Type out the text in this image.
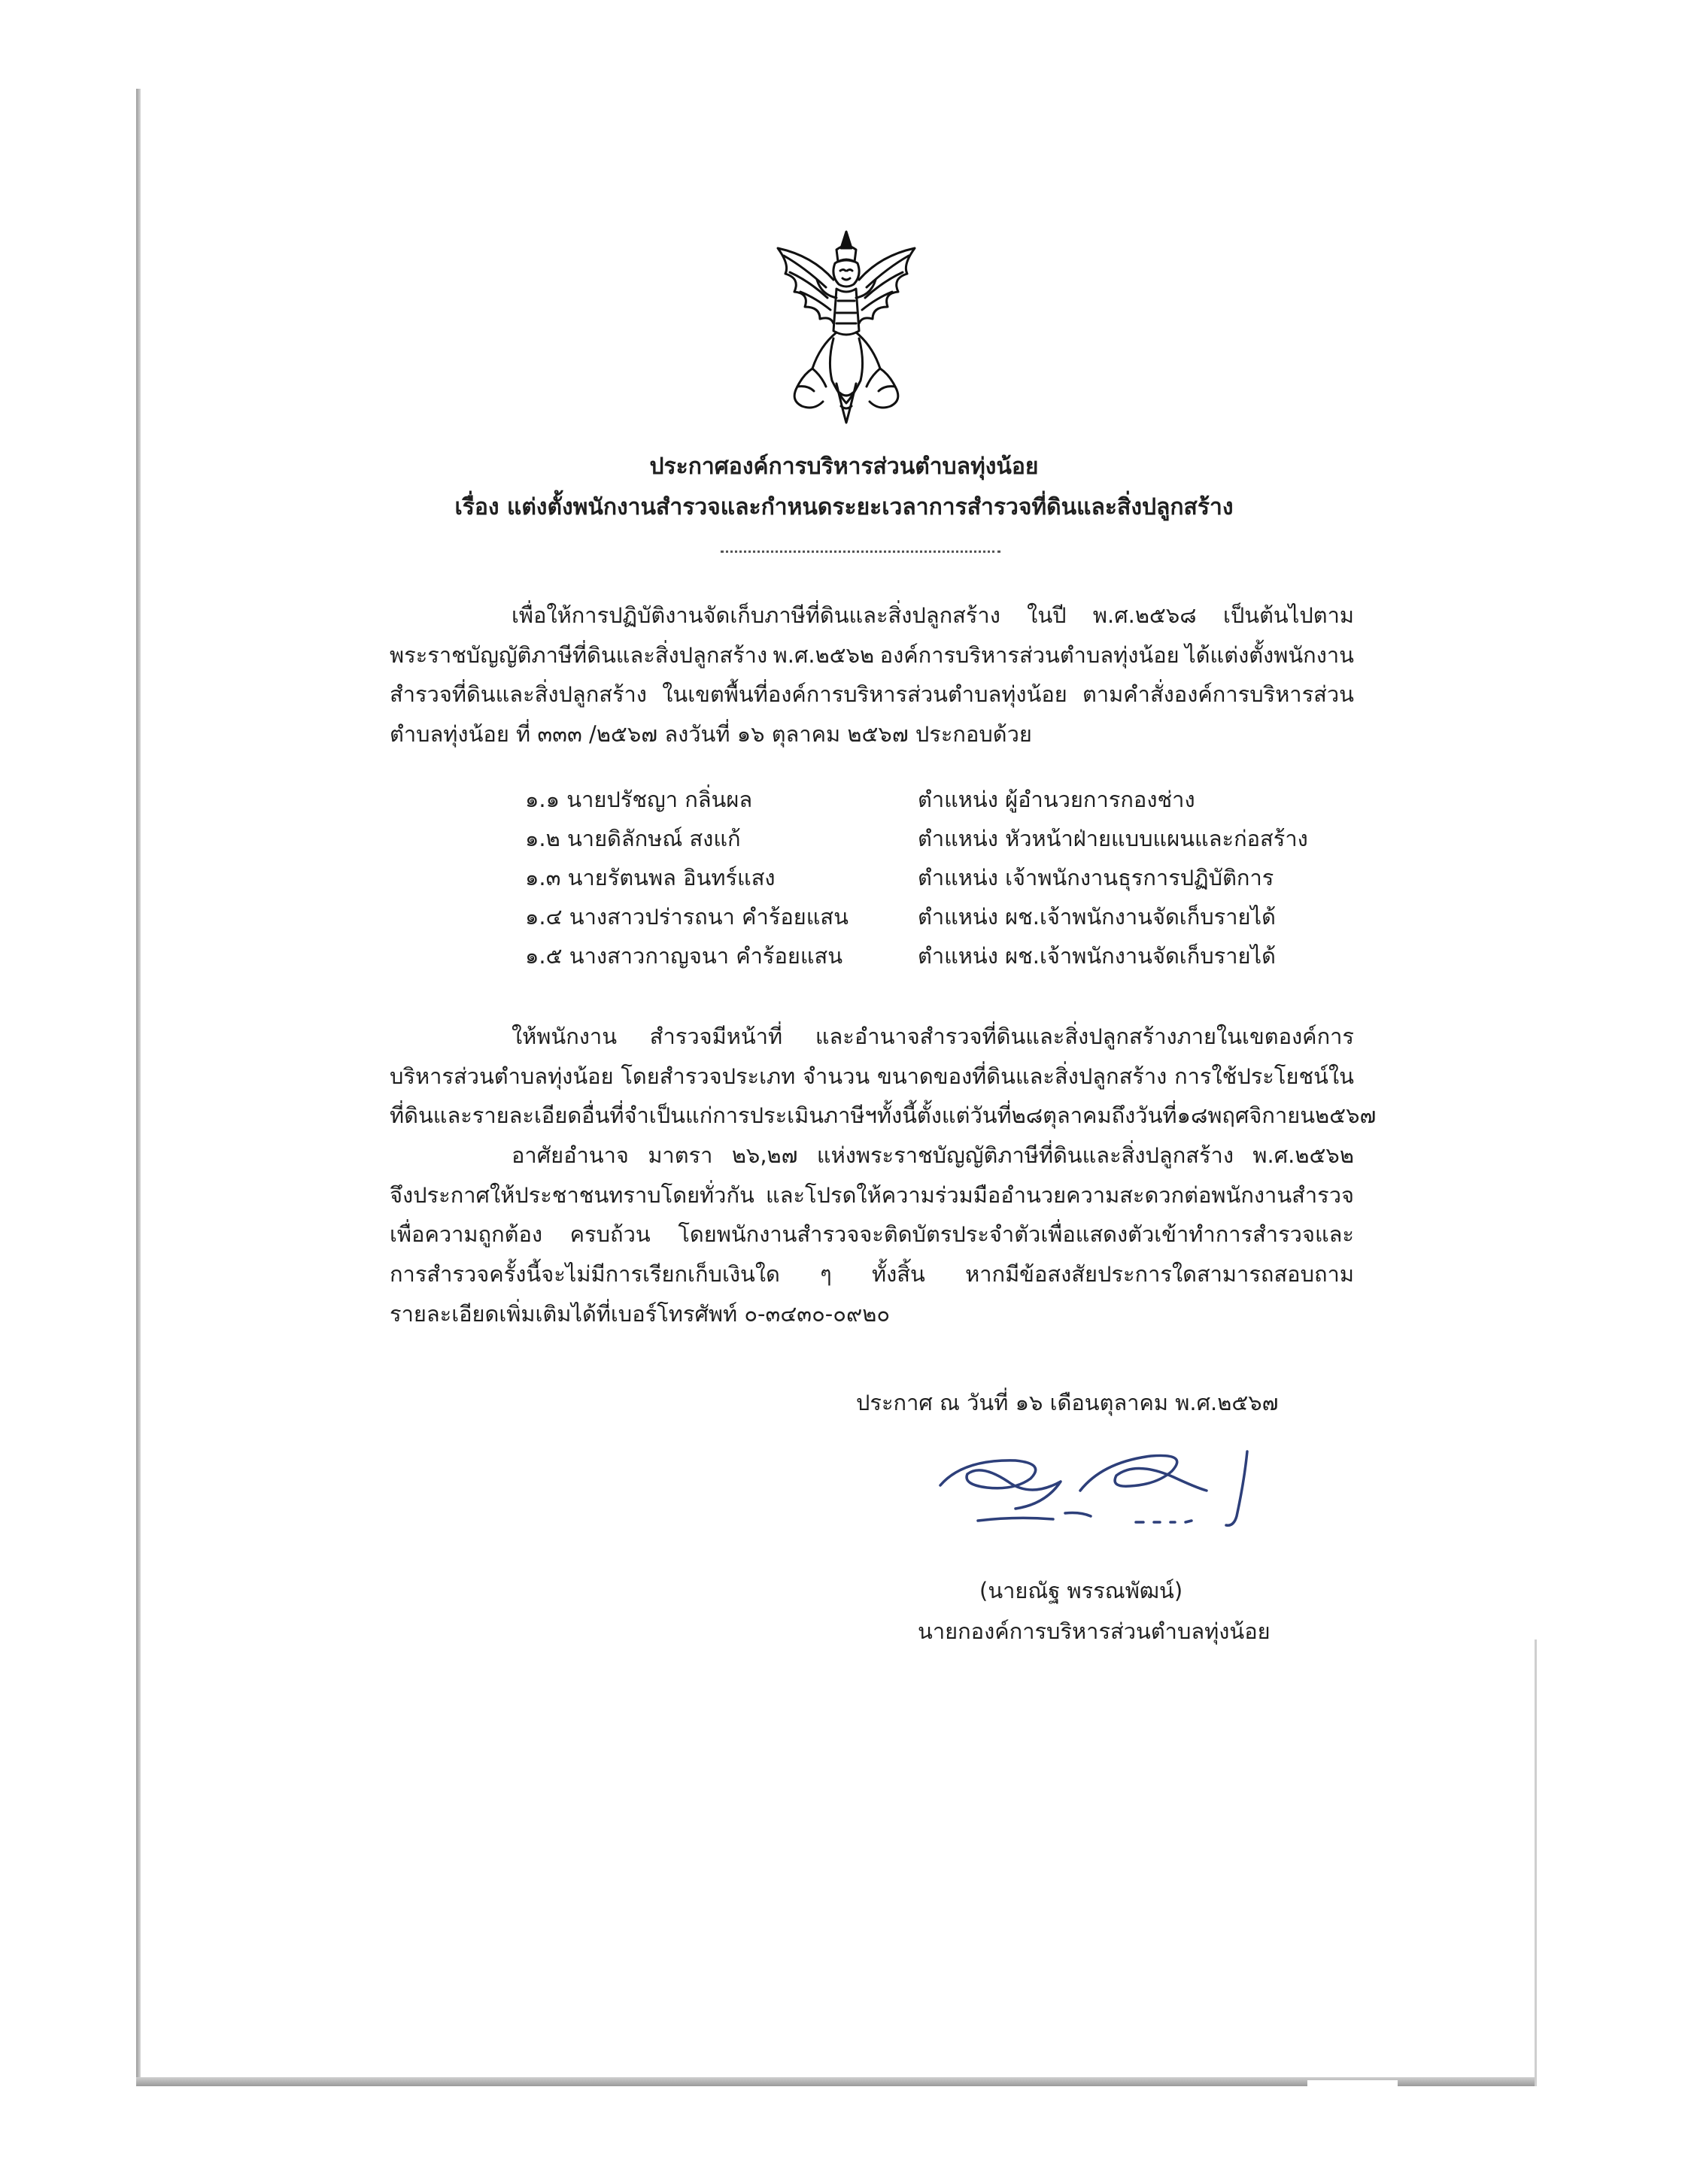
ประกาศองค์การบริหารส่วนตำบลทุ่งน้อย
เรื่อง แต่งตั้งพนักงานสำรวจและกำหนดระยะเวลาการสำรวจที่ดินและสิ่งปลูกสร้าง
เพื่อให้การปฏิบัติงานจัดเก็บภาษีที่ดินและสิ่งปลูกสร้าง ในปี พ.ศ.๒๕๖๘ เป็นต้นไปตาม
พระราชบัญญัติภาษีที่ดินและสิ่งปลูกสร้าง พ.ศ.๒๕๖๒ องค์การบริหารส่วนตำบลทุ่งน้อย ได้แต่งตั้งพนักงาน
สำรวจที่ดินและสิ่งปลูกสร้าง ในเขตพื้นที่องค์การบริหารส่วนตำบลทุ่งน้อย ตามคำสั่งองค์การบริหารส่วน
ตำบลทุ่งน้อย ที่ ๓๓๓ /๒๕๖๗ ลงวันที่ ๑๖ ตุลาคม ๒๕๖๗ ประกอบด้วย
๑.๑ นายปรัชญา กลิ่นผล	ตำแหน่ง ผู้อำนวยการกองช่าง
๑.๒ นายดิลักษณ์ สงแก้	ตำแหน่ง หัวหน้าฝ่ายแบบแผนและก่อสร้าง
๑.๓ นายรัตนพล อินทร์แสง	ตำแหน่ง เจ้าพนักงานธุรการปฏิบัติการ
๑.๔ นางสาวปร่ารถนา คำร้อยแสน	ตำแหน่ง ผช.เจ้าพนักงานจัดเก็บรายได้
๑.๕ นางสาวกาญจนา คำร้อยแสน	ตำแหน่ง ผช.เจ้าพนักงานจัดเก็บรายได้
ให้พนักงาน สำรวจมีหน้าที่ และอำนาจสำรวจที่ดินและสิ่งปลูกสร้างภายในเขตองค์การ
บริหารส่วนตำบลทุ่งน้อย โดยสำรวจประเภท จำนวน ขนาดของที่ดินและสิ่งปลูกสร้าง การใช้ประโยชน์ใน
ที่ดินและรายละเอียดอื่นที่จำเป็นแก่การประเมินภาษีฯ ทั้งนี้ตั้งแต่วันที่ ๒๘ ตุลาคม ถึงวันที่ ๑๘ พฤศจิกายน ๒๕๖๗
อาศัยอำนาจ มาตรา ๒๖,๒๗ แห่งพระราชบัญญัติภาษีที่ดินและสิ่งปลูกสร้าง พ.ศ.๒๕๖๒
จึงประกาศให้ประชาชนทราบโดยทั่วกัน และโปรดให้ความร่วมมืออำนวยความสะดวกต่อพนักงานสำรวจ
เพื่อความถูกต้อง ครบถ้วน โดยพนักงานสำรวจจะติดบัตรประจำตัวเพื่อแสดงตัวเข้าทำการสำรวจและ
การสำรวจครั้งนี้จะไม่มีการเรียกเก็บเงินใด ๆ ทั้งสิ้น หากมีข้อสงสัยประการใดสามารถสอบถาม
รายละเอียดเพิ่มเติมได้ที่เบอร์โทรศัพท์ ๐-๓๔๓๐-๐๙๒๐
ประกาศ ณ วันที่ ๑๖ เดือนตุลาคม พ.ศ.๒๕๖๗
(นายณัฐ พรรณพัฒน์)
นายกองค์การบริหารส่วนตำบลทุ่งน้อย
